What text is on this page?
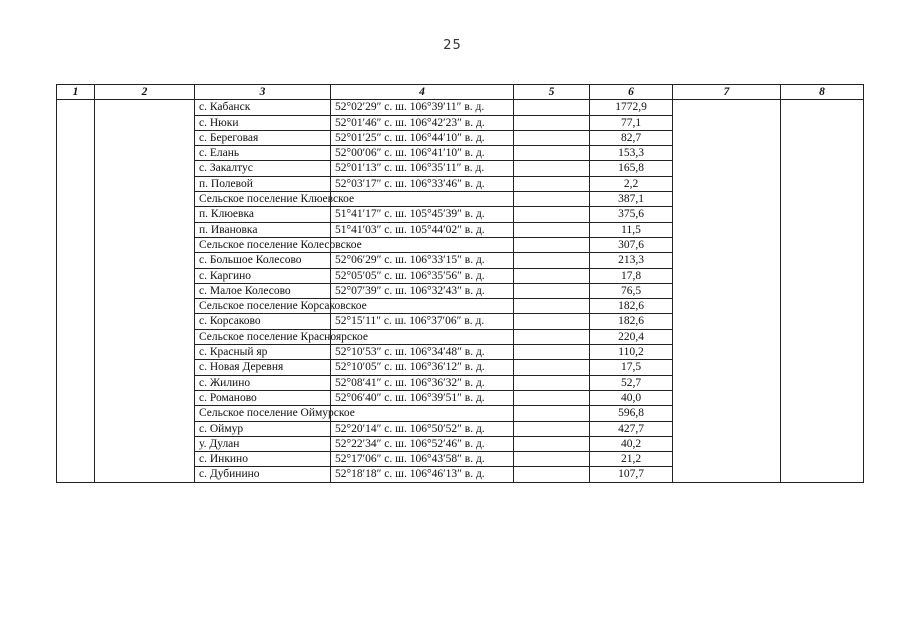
25
1	2	3	4	5	6	7	8
		с. Кабанск	52°02′29″ с. ш. 106°39′11″ в. д.		1772,9		
		с. Нюки	52°01′46″ с. ш. 106°42′23″ в. д.		77,1		
		с. Береговая	52°01′25″ с. ш. 106°44′10″ в. д.		82,7		
		с. Елань	52°00′06″ с. ш. 106°41′10″ в. д.		153,3		
		с. Закалтус	52°01′13″ с. ш. 106°35′11″ в. д.		165,8		
		п. Полевой	52°03′17″ с. ш. 106°33′46″ в. д.		2,2		
		Сельское поселение Клюевское			387,1		
		п. Клюевка	51°41′17″ с. ш. 105°45′39″ в. д.		375,6		
		п. Ивановка	51°41′03″ с. ш. 105°44′02″ в. д.		11,5		
		Сельское поселение Колесовское			307,6		
		с. Большое Колесово	52°06′29″ с. ш. 106°33′15″ в. д.		213,3		
		с. Каргино	52°05′05″ с. ш. 106°35′56″ в. д.		17,8		
		с. Малое Колесово	52°07′39″ с. ш. 106°32′43″ в. д.		76,5		
		Сельское поселение Корсаковское			182,6		
		с. Корсаково	52°15′11″ с. ш. 106°37′06″ в. д.		182,6		
		Сельское поселение Красноярское			220,4		
		с. Красный яр	52°10′53″ с. ш. 106°34′48″ в. д.		110,2		
		с. Новая Деревня	52°10′05″ с. ш. 106°36′12″ в. д.		17,5		
		с. Жилино	52°08′41″ с. ш. 106°36′32″ в. д.		52,7		
		с. Романово	52°06′40″ с. ш. 106°39′51″ в. д.		40,0		
		Сельское поселение Оймурское			596,8		
		с. Оймур	52°20′14″ с. ш. 106°50′52″ в. д.		427,7		
		у. Дулан	52°22′34″ с. ш. 106°52′46″ в. д.		40,2		
		с. Инкино	52°17′06″ с. ш. 106°43′58″ в. д.		21,2		
		с. Дубинино	52°18′18″ с. ш. 106°46′13″ в. д.		107,7		
